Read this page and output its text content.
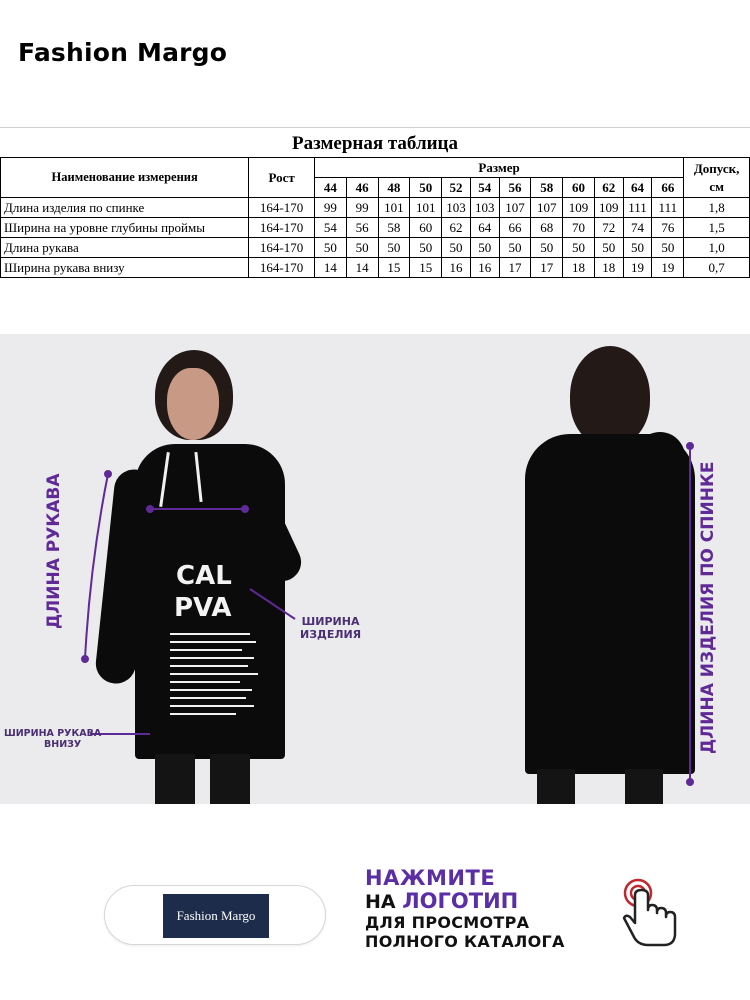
Fashion Margo
Размерная таблица
Наименование измерения	Рост	Размер												Допуск, см
		44	46	48	50	52	54	56	58	60	62	64	66	
Длина изделия по спинке	164-170	99	99	101	101	103	103	107	107	109	109	111	111	1,8
Ширина на уровне глубины проймы	164-170	54	56	58	60	62	64	66	68	70	72	74	76	1,5
Длина рукава	164-170	50	50	50	50	50	50	50	50	50	50	50	50	1,0
Ширина рукава внизу	164-170	14	14	15	15	16	16	17	17	18	18	19	19	0,7
CAL
PVA
ДЛИНА РУКАВА	ШИРИНА
ИЗДЕЛИЯ
ШИРИНА РУКАВА
ВНИЗУ	ДЛИНА ИЗДЕЛИЯ ПО СПИНКЕ
Fashion Margo
НАЖМИТЕ
НА ЛОГОТИП
ДЛЯ ПРОСМОТРА
ПОЛНОГО КАТАЛОГА
